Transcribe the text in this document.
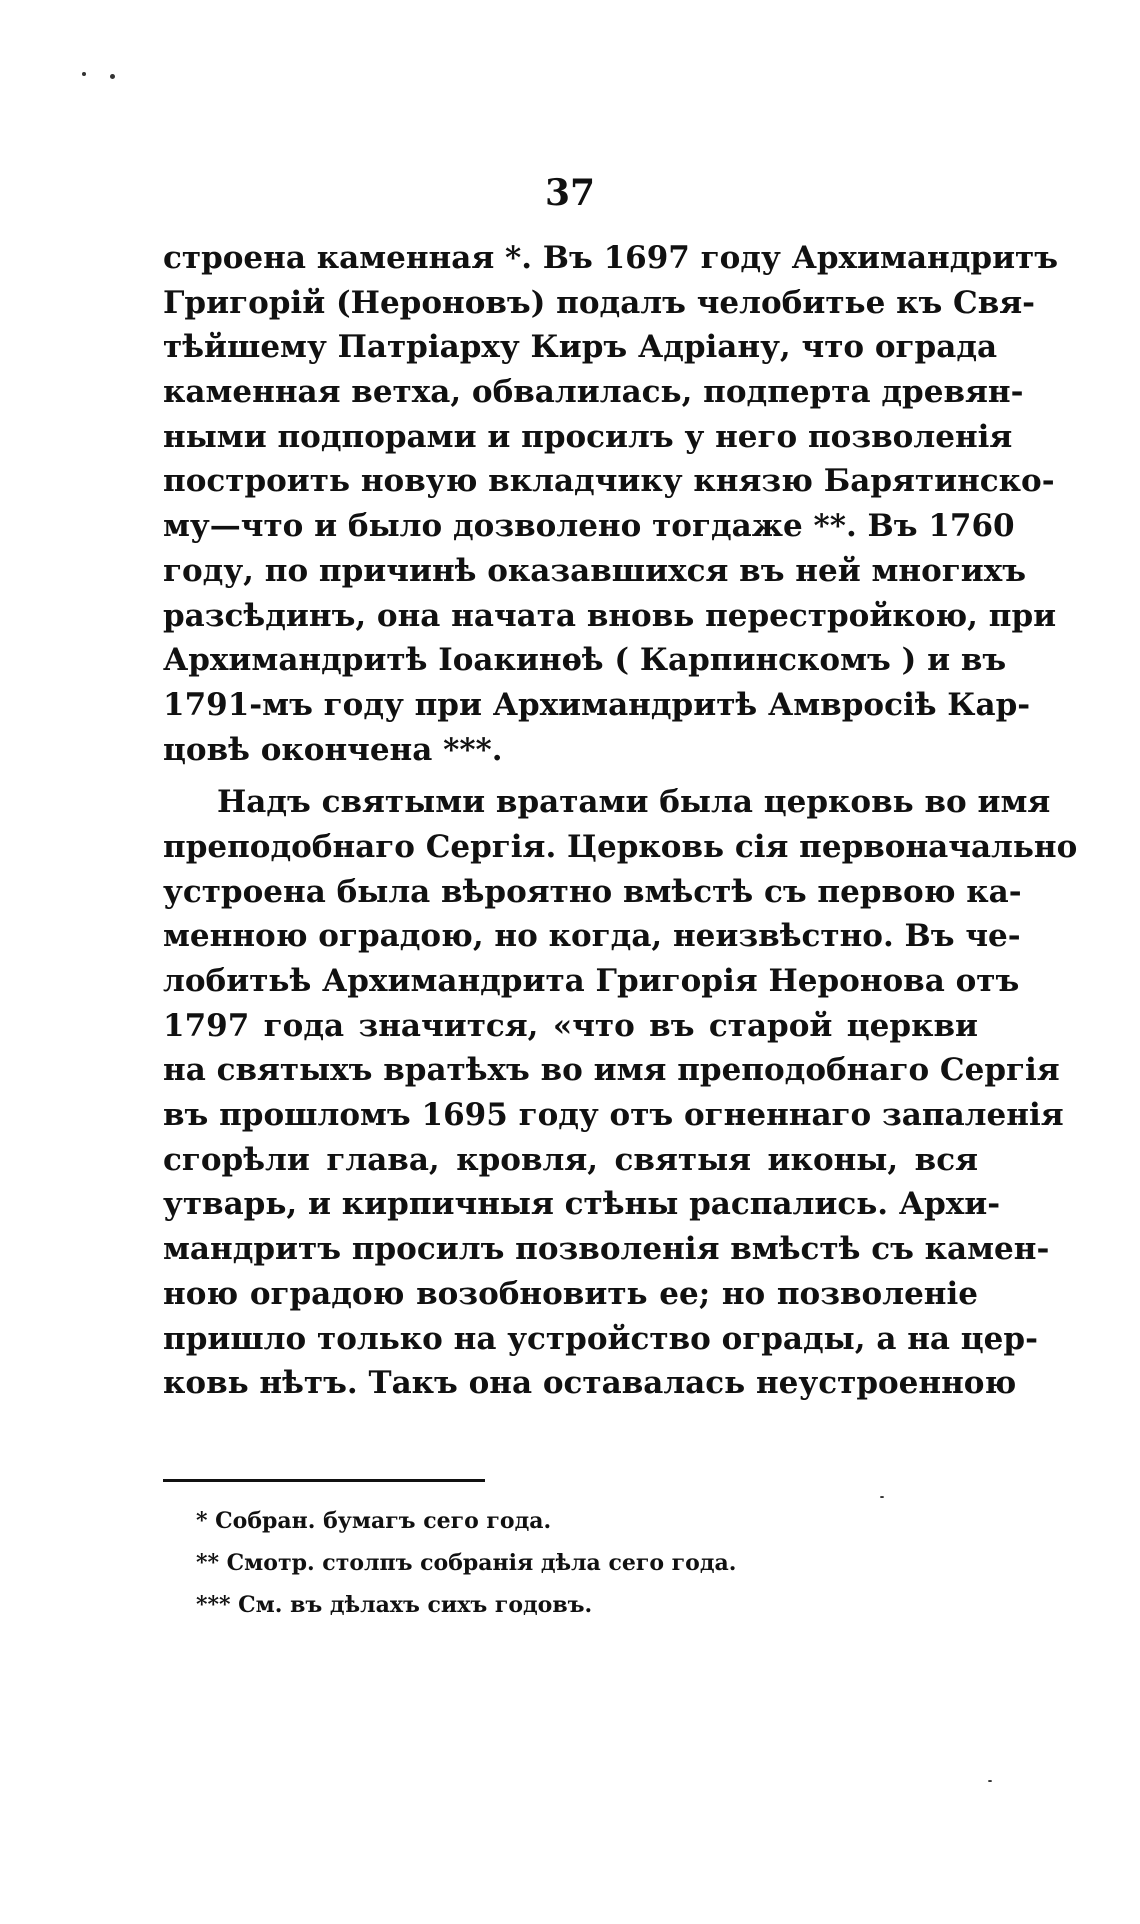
37
строена каменная *. Въ 1697 году Архимандритъ
Григорій (Нероновъ) подалъ челобитье къ Свя-
тѣйшему Патріарху Киръ Адріану, что ограда
каменная ветха, обвалилась, подперта древян-
ными подпорами и просилъ у него позволенія
построить новую вкладчику князю Барятинско-
му—что и было дозволено тогдаже **. Въ 1760
году, по причинѣ оказавшихся въ ней многихъ
разсѣдинъ, она начата вновь перестройкою, при
Архимандритѣ Іоакинѳѣ ( Карпинскомъ ) и въ
1791-мъ году при Архимандритѣ Амвросіѣ Кар-
цовѣ окончена ***.
Надъ святыми вратами была церковь во имя
преподобнаго Сергія. Церковь сія первоначально
устроена была вѣроятно вмѣстѣ съ первою ка-
менною оградою, но когда, неизвѣстно. Въ че-
лобитьѣ Архимандрита Григорія Неронова отъ
1797 года значится, «что въ старой церкви
на святыхъ вратѣхъ во имя преподобнаго Сергія
въ прошломъ 1695 году отъ огненнаго запаленія
сгорѣли глава, кровля, святыя иконы, вся
утварь, и кирпичныя стѣны распались. Архи-
мандритъ просилъ позволенія вмѣстѣ съ камен-
ною оградою возобновить ее; но позволеніе
пришло только на устройство ограды, а на цер-
ковь нѣтъ. Такъ она оставалась неустроенною
* Собран. бумагъ сего года.
** Смотр. столпъ собранія дѣла сего года.
*** См. въ дѣлахъ сихъ годовъ.
